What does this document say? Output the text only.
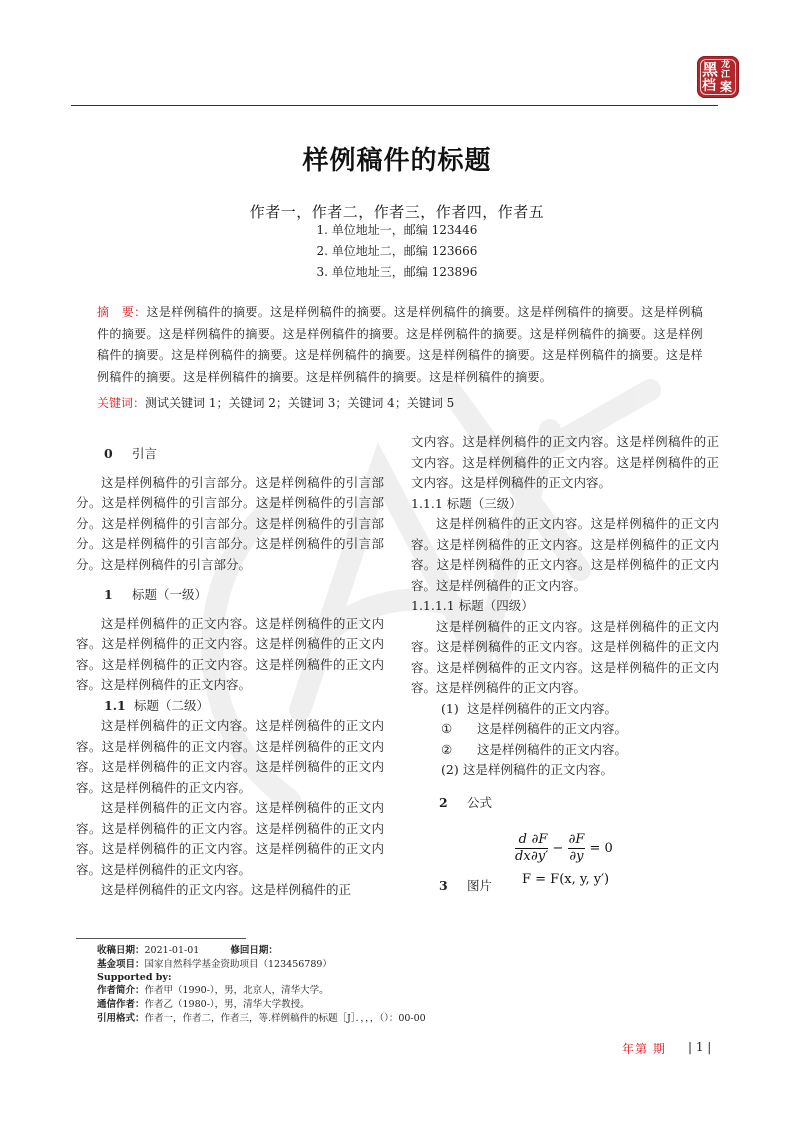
黑 龙
江
档 案
样例稿件的标题
作者一，作者二，作者三，作者四，作者五
1. 单位地址一，邮编 123446
2. 单位地址二，邮编 123666
3. 单位地址三，邮编 123896
摘　要：这是样例稿件的摘要。这是样例稿件的摘要。这是样例稿件的摘要。这是样例稿件的摘要。这是样例稿件的摘要。这是样例稿件的摘要。这是样例稿件的摘要。这是样例稿件的摘要。这是样例稿件的摘要。这是样例稿件的摘要。这是样例稿件的摘要。这是样例稿件的摘要。这是样例稿件的摘要。这是样例稿件的摘要。这是样例稿件的摘要。这是样例稿件的摘要。这是样例稿件的摘要。这是样例稿件的摘要。
关键词：测试关键词 1；关键词 2；关键词 3；关键词 4；关键词 5
0 引言

这是样例稿件的引言部分。这是样例稿件的引言部分。这是样例稿件的引言部分。这是样例稿件的引言部分。这是样例稿件的引言部分。这是样例稿件的引言部分。这是样例稿件的引言部分。这是样例稿件的引言部分。这是样例稿件的引言部分。

1 标题（一级）

这是样例稿件的正文内容。这是样例稿件的正文内容。这是样例稿件的正文内容。这是样例稿件的正文内容。这是样例稿件的正文内容。这是样例稿件的正文内容。这是样例稿件的正文内容。

1.1 标题（二级）

这是样例稿件的正文内容。这是样例稿件的正文内容。这是样例稿件的正文内容。这是样例稿件的正文内容。这是样例稿件的正文内容。这是样例稿件的正文内容。这是样例稿件的正文内容。

这是样例稿件的正文内容。这是样例稿件的正文内容。这是样例稿件的正文内容。这是样例稿件的正文内容。这是样例稿件的正文内容。这是样例稿件的正文内容。这是样例稿件的正文内容。

这是样例稿件的正文内容。这是样例稿件的正

文内容。这是样例稿件的正文内容。这是样例稿件的正文内容。这是样例稿件的正文内容。这是样例稿件的正文内容。这是样例稿件的正文内容。

1.1.1 标题（三级）

这是样例稿件的正文内容。这是样例稿件的正文内容。这是样例稿件的正文内容。这是样例稿件的正文内容。这是样例稿件的正文内容。这是样例稿件的正文内容。这是样例稿件的正文内容。

1.1.1.1 标题（四级）

这是样例稿件的正文内容。这是样例稿件的正文内容。这是样例稿件的正文内容。这是样例稿件的正文内容。这是样例稿件的正文内容。这是样例稿件的正文内容。这是样例稿件的正文内容。

(1) 这是样例稿件的正文内容。
① 这是样例稿件的正文内容。
② 这是样例稿件的正文内容。
(2) 这是样例稿件的正文内容。
2 公式
$\frac{d}{dx} \frac{\partial F}{\partial y'} - \frac{\partial F}{\partial y} = 0$
F = F(x, y, y′)
3 图片
收稿日期：2021-01-01	修回日期：
基金项目：国家自然科学基金资助项目（123456789）
Supported by:
作者简介：作者甲（1990-），男，北京人，清华大学。
通信作者：作者乙（1980-），男，清华大学教授。
引用格式：作者一，作者二，作者三，等.样例稿件的标题［J］．，，，（）：00-00
年第 期 | 1 |
